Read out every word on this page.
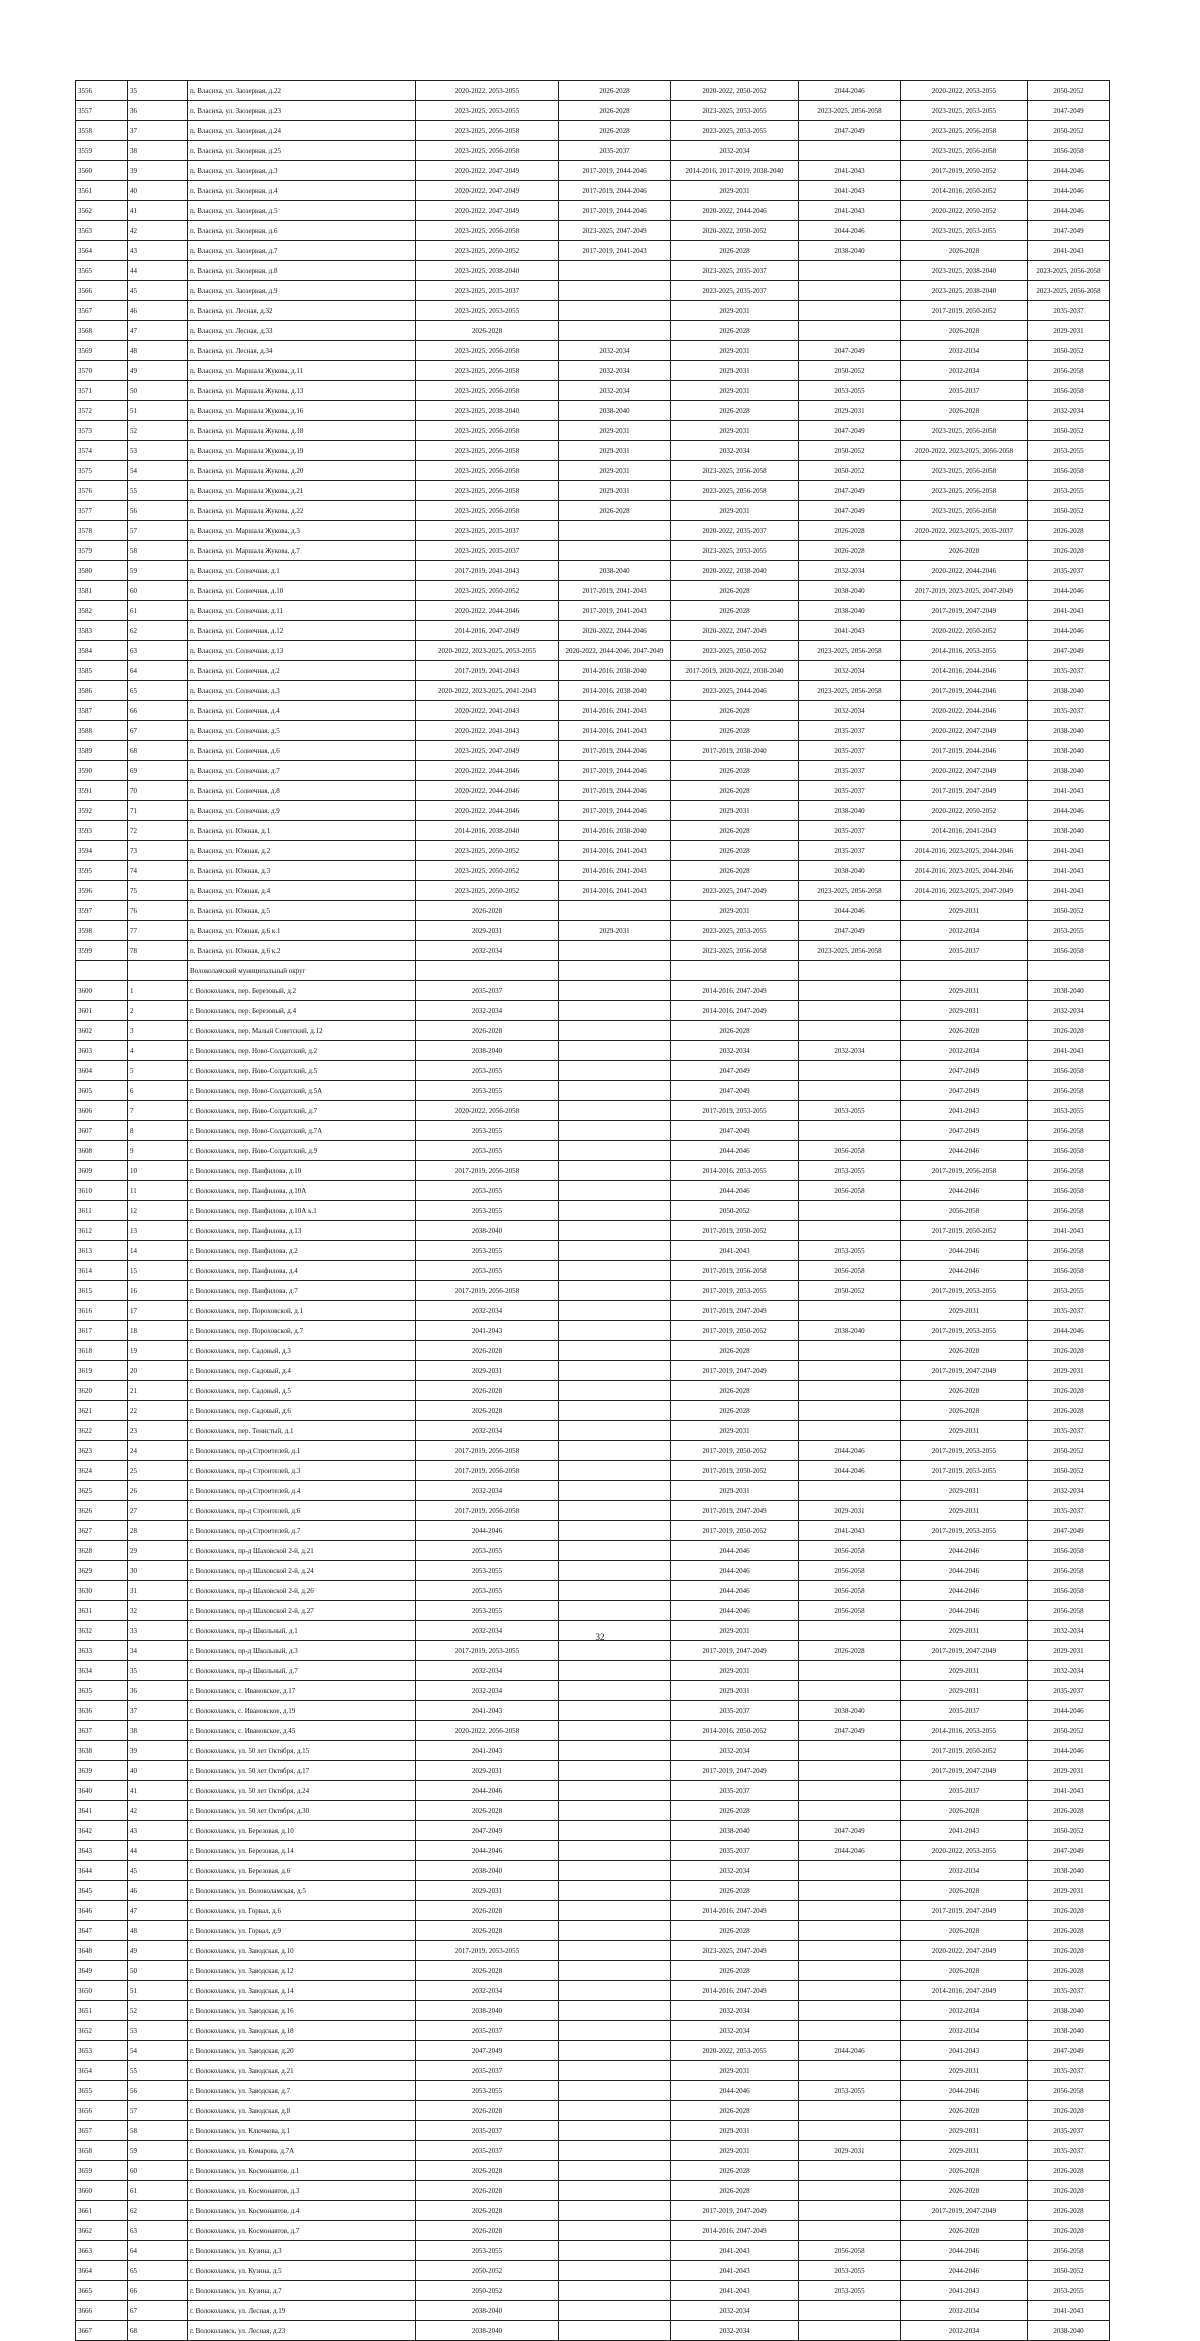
3556	35	п. Власиха, ул. Заозерная, д.22	2020-2022, 2053-2055	2026-2028	2020-2022, 2050-2052	2044-2046	2020-2022, 2053-2055	2050-2052
3557	36	п. Власиха, ул. Заозерная, д.23	2023-2025, 2053-2055	2026-2028	2023-2025, 2053-2055	2023-2025, 2056-2058	2023-2025, 2053-2055	2047-2049
3558	37	п. Власиха, ул. Заозерная, д.24	2023-2025, 2056-2058	2026-2028	2023-2025, 2053-2055	2047-2049	2023-2025, 2056-2058	2050-2052
3559	38	п. Власиха, ул. Заозерная, д.25	2023-2025, 2056-2058	2035-2037	2032-2034		2023-2025, 2056-2058	2056-2058
3560	39	п. Власиха, ул. Заозерная, д.3	2020-2022, 2047-2049	2017-2019, 2044-2046	2014-2016, 2017-2019, 2038-2040	2041-2043	2017-2019, 2050-2052	2044-2046
3561	40	п. Власиха, ул. Заозерная, д.4	2020-2022, 2047-2049	2017-2019, 2044-2046	2029-2031	2041-2043	2014-2016, 2050-2052	2044-2046
3562	41	п. Власиха, ул. Заозерная, д.5	2020-2022, 2047-2049	2017-2019, 2044-2046	2020-2022, 2044-2046	2041-2043	2020-2022, 2050-2052	2044-2046
3563	42	п. Власиха, ул. Заозерная, д.6	2023-2025, 2056-2058	2023-2025, 2047-2049	2020-2022, 2050-2052	2044-2046	2023-2025, 2053-2055	2047-2049
3564	43	п. Власиха, ул. Заозерная, д.7	2023-2025, 2050-2052	2017-2019, 2041-2043	2026-2028	2038-2040	2026-2028	2041-2043
3565	44	п. Власиха, ул. Заозерная, д.8	2023-2025, 2038-2040		2023-2025, 2035-2037		2023-2025, 2038-2040	2023-2025, 2056-2058
3566	45	п. Власиха, ул. Заозерная, д.9	2023-2025, 2035-2037		2023-2025, 2035-2037		2023-2025, 2038-2040	2023-2025, 2056-2058
3567	46	п. Власиха, ул. Лесная, д.32	2023-2025, 2053-2055		2029-2031		2017-2019, 2050-2052	2035-2037
3568	47	п. Власиха, ул. Лесная, д.33	2026-2028		2026-2028		2026-2028	2029-2031
3569	48	п. Власиха, ул. Лесная, д.34	2023-2025, 2056-2058	2032-2034	2029-2031	2047-2049	2032-2034	2050-2052
3570	49	п. Власиха, ул. Маршала Жукова, д.11	2023-2025, 2056-2058	2032-2034	2029-2031	2050-2052	2032-2034	2056-2058
3571	50	п. Власиха, ул. Маршала Жукова, д.13	2023-2025, 2056-2058	2032-2034	2029-2031	2053-2055	2035-2037	2056-2058
3572	51	п. Власиха, ул. Маршала Жукова, д.16	2023-2025, 2038-2040	2038-2040	2026-2028	2029-2031	2026-2028	2032-2034
3573	52	п. Власиха, ул. Маршала Жукова, д.18	2023-2025, 2056-2058	2029-2031	2029-2031	2047-2049	2023-2025, 2056-2058	2050-2052
3574	53	п. Власиха, ул. Маршала Жукова, д.19	2023-2025, 2056-2058	2029-2031	2032-2034	2050-2052	2020-2022, 2023-2025, 2056-2058	2053-2055
3575	54	п. Власиха, ул. Маршала Жукова, д.20	2023-2025, 2056-2058	2029-2031	2023-2025, 2056-2058	2050-2052	2023-2025, 2056-2058	2056-2058
3576	55	п. Власиха, ул. Маршала Жукова, д.21	2023-2025, 2056-2058	2029-2031	2023-2025, 2056-2058	2047-2049	2023-2025, 2056-2058	2053-2055
3577	56	п. Власиха, ул. Маршала Жукова, д.22	2023-2025, 2056-2058	2026-2028	2029-2031	2047-2049	2023-2025, 2056-2058	2050-2052
3578	57	п. Власиха, ул. Маршала Жукова, д.3	2023-2025, 2035-2037		2020-2022, 2035-2037	2026-2028	2020-2022, 2023-2025, 2035-2037	2026-2028
3579	58	п. Власиха, ул. Маршала Жукова, д.7	2023-2025, 2035-2037		2023-2025, 2053-2055	2026-2028	2026-2028	2026-2028
3580	59	п. Власиха, ул. Солнечная, д.1	2017-2019, 2041-2043	2038-2040	2020-2022, 2038-2040	2032-2034	2020-2022, 2044-2046	2035-2037
3581	60	п. Власиха, ул. Солнечная, д.10	2023-2025, 2050-2052	2017-2019, 2041-2043	2026-2028	2038-2040	2017-2019, 2023-2025, 2047-2049	2044-2046
3582	61	п. Власиха, ул. Солнечная, д.11	2020-2022, 2044-2046	2017-2019, 2041-2043	2026-2028	2038-2040	2017-2019, 2047-2049	2041-2043
3583	62	п. Власиха, ул. Солнечная, д.12	2014-2016, 2047-2049	2020-2022, 2044-2046	2020-2022, 2047-2049	2041-2043	2020-2022, 2050-2052	2044-2046
3584	63	п. Власиха, ул. Солнечная, д.13	2020-2022, 2023-2025, 2053-2055	2020-2022, 2044-2046, 2047-2049	2023-2025, 2050-2052	2023-2025, 2056-2058	2014-2016, 2053-2055	2047-2049
3585	64	п. Власиха, ул. Солнечная, д.2	2017-2019, 2041-2043	2014-2016, 2038-2040	2017-2019, 2020-2022, 2038-2040	2032-2034	2014-2016, 2044-2046	2035-2037
3586	65	п. Власиха, ул. Солнечная, д.3	2020-2022, 2023-2025, 2041-2043	2014-2016, 2038-2040	2023-2025, 2044-2046	2023-2025, 2056-2058	2017-2019, 2044-2046	2038-2040
3587	66	п. Власиха, ул. Солнечная, д.4	2020-2022, 2041-2043	2014-2016, 2041-2043	2026-2028	2032-2034	2020-2022, 2044-2046	2035-2037
3588	67	п. Власиха, ул. Солнечная, д.5	2020-2022, 2041-2043	2014-2016, 2041-2043	2026-2028	2035-2037	2020-2022, 2047-2049	2038-2040
3589	68	п. Власиха, ул. Солнечная, д.6	2023-2025, 2047-2049	2017-2019, 2044-2046	2017-2019, 2038-2040	2035-2037	2017-2019, 2044-2046	2038-2040
3590	69	п. Власиха, ул. Солнечная, д.7	2020-2022, 2044-2046	2017-2019, 2044-2046	2026-2028	2035-2037	2020-2022, 2047-2049	2038-2040
3591	70	п. Власиха, ул. Солнечная, д.8	2020-2022, 2044-2046	2017-2019, 2044-2046	2026-2028	2035-2037	2017-2019, 2047-2049	2041-2043
3592	71	п. Власиха, ул. Солнечная, д.9	2020-2022, 2044-2046	2017-2019, 2044-2046	2029-2031	2038-2040	2020-2022, 2050-2052	2044-2046
3593	72	п. Власиха, ул. Южная, д.1	2014-2016, 2038-2040	2014-2016, 2038-2040	2026-2028	2035-2037	2014-2016, 2041-2043	2038-2040
3594	73	п. Власиха, ул. Южная, д.2	2023-2025, 2050-2052	2014-2016, 2041-2043	2026-2028	2035-2037	2014-2016, 2023-2025, 2044-2046	2041-2043
3595	74	п. Власиха, ул. Южная, д.3	2023-2025, 2050-2052	2014-2016, 2041-2043	2026-2028	2038-2040	2014-2016, 2023-2025, 2044-2046	2041-2043
3596	75	п. Власиха, ул. Южная, д.4	2023-2025, 2050-2052	2014-2016, 2041-2043	2023-2025, 2047-2049	2023-2025, 2056-2058	2014-2016, 2023-2025, 2047-2049	2041-2043
3597	76	п. Власиха, ул. Южная, д.5	2026-2028		2029-2031	2044-2046	2029-2031	2050-2052
3598	77	п. Власиха, ул. Южная, д.6 к.1	2029-2031	2029-2031	2023-2025, 2053-2055	2047-2049	2032-2034	2053-2055
3599	78	п. Власиха, ул. Южная, д.6 к.2	2032-2034		2023-2025, 2056-2058	2023-2025, 2056-2058	2035-2037	2056-2058
		Волоколамский муниципальный округ						
3600	1	г. Волоколамск, пер. Березовый, д.2	2035-2037		2014-2016, 2047-2049		2029-2031	2038-2040
3601	2	г. Волоколамск, пер. Березовый, д.4	2032-2034		2014-2016, 2047-2049		2029-2031	2032-2034
3602	3	г. Волоколамск, пер. Малый Советский, д.12	2026-2028		2026-2028		2026-2028	2026-2028
3603	4	г. Волоколамск, пер. Ново-Солдатский, д.2	2038-2040		2032-2034	2032-2034	2032-2034	2041-2043
3604	5	г. Волоколамск, пер. Ново-Солдатский, д.5	2053-2055		2047-2049		2047-2049	2056-2058
3605	6	г. Волоколамск, пер. Ново-Солдатский, д.5А	2053-2055		2047-2049		2047-2049	2056-2058
3606	7	г. Волоколамск, пер. Ново-Солдатский, д.7	2020-2022, 2056-2058		2017-2019, 2053-2055	2053-2055	2041-2043	2053-2055
3607	8	г. Волоколамск, пер. Ново-Солдатский, д.7А	2053-2055		2047-2049		2047-2049	2056-2058
3608	9	г. Волоколамск, пер. Ново-Солдатский, д.9	2053-2055		2044-2046	2056-2058	2044-2046	2056-2058
3609	10	г. Волоколамск, пер. Панфилова, д.10	2017-2019, 2056-2058		2014-2016, 2053-2055	2053-2055	2017-2019, 2056-2058	2056-2058
3610	11	г. Волоколамск, пер. Панфилова, д.10А	2053-2055		2044-2046	2056-2058	2044-2046	2056-2058
3611	12	г. Волоколамск, пер. Панфилова, д.10А к.1	2053-2055		2050-2052		2056-2058	2056-2058
3612	13	г. Волоколамск, пер. Панфилова, д.13	2038-2040		2017-2019, 2050-2052		2017-2019, 2050-2052	2041-2043
3613	14	г. Волоколамск, пер. Панфилова, д.2	2053-2055		2041-2043	2053-2055	2044-2046	2056-2058
3614	15	г. Волоколамск, пер. Панфилова, д.4	2053-2055		2017-2019, 2056-2058	2056-2058	2044-2046	2056-2058
3615	16	г. Волоколамск, пер. Панфилова, д.7	2017-2019, 2056-2058		2017-2019, 2053-2055	2050-2052	2017-2019, 2053-2055	2053-2055
3616	17	г. Волоколамск, пер. Пороховской, д.1	2032-2034		2017-2019, 2047-2049		2029-2031	2035-2037
3617	18	г. Волоколамск, пер. Пороховской, д.7	2041-2043		2017-2019, 2050-2052	2038-2040	2017-2019, 2053-2055	2044-2046
3618	19	г. Волоколамск, пер. Садовый, д.3	2026-2028		2026-2028		2026-2028	2026-2028
3619	20	г. Волоколамск, пер. Садовый, д.4	2029-2031		2017-2019, 2047-2049		2017-2019, 2047-2049	2029-2031
3620	21	г. Волоколамск, пер. Садовый, д.5	2026-2028		2026-2028		2026-2028	2026-2028
3621	22	г. Волоколамск, пер. Садовый, д.6	2026-2028		2026-2028		2026-2028	2026-2028
3622	23	г. Волоколамск, пер. Тенистый, д.1	2032-2034		2029-2031		2029-2031	2035-2037
3623	24	г. Волоколамск, пр-д Строителей, д.1	2017-2019, 2056-2058		2017-2019, 2050-2052	2044-2046	2017-2019, 2053-2055	2050-2052
3624	25	г. Волоколамск, пр-д Строителей, д.3	2017-2019, 2056-2058		2017-2019, 2050-2052	2044-2046	2017-2019, 2053-2055	2050-2052
3625	26	г. Волоколамск, пр-д Строителей, д.4	2032-2034		2029-2031		2029-2031	2032-2034
3626	27	г. Волоколамск, пр-д Строителей, д.6	2017-2019, 2056-2058		2017-2019, 2047-2049	2029-2031	2029-2031	2035-2037
3627	28	г. Волоколамск, пр-д Строителей, д.7	2044-2046		2017-2019, 2050-2052	2041-2043	2017-2019, 2053-2055	2047-2049
3628	29	г. Волоколамск, пр-д Шаховской 2-й, д.21	2053-2055		2044-2046	2056-2058	2044-2046	2056-2058
3629	30	г. Волоколамск, пр-д Шаховской 2-й, д.24	2053-2055		2044-2046	2056-2058	2044-2046	2056-2058
3630	31	г. Волоколамск, пр-д Шаховской 2-й, д.26	2053-2055		2044-2046	2056-2058	2044-2046	2056-2058
3631	32	г. Волоколамск, пр-д Шаховской 2-й, д.27	2053-2055		2044-2046	2056-2058	2044-2046	2056-2058
3632	33	г. Волоколамск, пр-д Школьный, д.1	2032-2034		2029-2031		2029-2031	2032-2034
3633	34	г. Волоколамск, пр-д Школьный, д.3	2017-2019, 2053-2055		2017-2019, 2047-2049	2026-2028	2017-2019, 2047-2049	2029-2031
3634	35	г. Волоколамск, пр-д Школьный, д.7	2032-2034		2029-2031		2029-2031	2032-2034
3635	36	г. Волоколамск, с. Ивановское, д.17	2032-2034		2029-2031		2029-2031	2035-2037
3636	37	г. Волоколамск, с. Ивановское, д.19	2041-2043		2035-2037	2038-2040	2035-2037	2044-2046
3637	38	г. Волоколамск, с. Ивановское, д.45	2020-2022, 2056-2058		2014-2016, 2050-2052	2047-2049	2014-2016, 2053-2055	2050-2052
3638	39	г. Волоколамск, ул. 50 лет Октября, д.15	2041-2043		2032-2034		2017-2019, 2050-2052	2044-2046
3639	40	г. Волоколамск, ул. 50 лет Октября, д.17	2029-2031		2017-2019, 2047-2049		2017-2019, 2047-2049	2029-2031
3640	41	г. Волоколамск, ул. 50 лет Октября, д.24	2044-2046		2035-2037		2035-2037	2041-2043
3641	42	г. Волоколамск, ул. 50 лет Октября, д.30	2026-2028		2026-2028		2026-2028	2026-2028
3642	43	г. Волоколамск, ул. Березовая, д.10	2047-2049		2038-2040	2047-2049	2041-2043	2050-2052
3643	44	г. Волоколамск, ул. Березовая, д.14	2044-2046		2035-2037	2044-2046	2020-2022, 2053-2055	2047-2049
3644	45	г. Волоколамск, ул. Березовая, д.6	2038-2040		2032-2034		2032-2034	2038-2040
3645	46	г. Волоколамск, ул. Волоколамская, д.5	2029-2031		2026-2028		2026-2028	2029-2031
3646	47	г. Волоколамск, ул. Горвал, д.6	2026-2028		2014-2016, 2047-2049		2017-2019, 2047-2049	2026-2028
3647	48	г. Волоколамск, ул. Горвал, д.9	2026-2028		2026-2028		2026-2028	2026-2028
3648	49	г. Волоколамск, ул. Заводская, д.10	2017-2019, 2053-2055		2023-2025, 2047-2049		2020-2022, 2047-2049	2026-2028
3649	50	г. Волоколамск, ул. Заводская, д.12	2026-2028		2026-2028		2026-2028	2026-2028
3650	51	г. Волоколамск, ул. Заводская, д.14	2032-2034		2014-2016, 2047-2049		2014-2016, 2047-2049	2035-2037
3651	52	г. Волоколамск, ул. Заводская, д.16	2038-2040		2032-2034		2032-2034	2038-2040
3652	53	г. Волоколамск, ул. Заводская, д.18	2035-2037		2032-2034		2032-2034	2038-2040
3653	54	г. Волоколамск, ул. Заводская, д.20	2047-2049		2020-2022, 2053-2055	2044-2046	2041-2043	2047-2049
3654	55	г. Волоколамск, ул. Заводская, д.21	2035-2037		2029-2031		2029-2031	2035-2037
3655	56	г. Волоколамск, ул. Заводская, д.7	2053-2055		2044-2046	2053-2055	2044-2046	2056-2058
3656	57	г. Волоколамск, ул. Заводская, д.8	2026-2028		2026-2028		2026-2028	2026-2028
3657	58	г. Волоколамск, ул. Ключкова, д.1	2035-2037		2029-2031		2029-2031	2035-2037
3658	59	г. Волоколамск, ул. Комарова, д.7А	2035-2037		2029-2031	2029-2031	2029-2031	2035-2037
3659	60	г. Волоколамск, ул. Космонавтов, д.1	2026-2028		2026-2028		2026-2028	2026-2028
3660	61	г. Волоколамск, ул. Космонавтов, д.3	2026-2028		2026-2028		2026-2028	2026-2028
3661	62	г. Волоколамск, ул. Космонавтов, д.4	2026-2028		2017-2019, 2047-2049		2017-2019, 2047-2049	2026-2028
3662	63	г. Волоколамск, ул. Космонавтов, д.7	2026-2028		2014-2016, 2047-2049		2026-2028	2026-2028
3663	64	г. Волоколамск, ул. Кузина, д.3	2053-2055		2041-2043	2056-2058	2044-2046	2056-2058
3664	65	г. Волоколамск, ул. Кузина, д.5	2050-2052		2041-2043	2053-2055	2044-2046	2050-2052
3665	66	г. Волоколамск, ул. Кузина, д.7	2050-2052		2041-2043	2053-2055	2041-2043	2053-2055
3666	67	г. Волоколамск, ул. Лесная, д.19	2038-2040		2032-2034		2032-2034	2041-2043
3667	68	г. Волоколамск, ул. Лесная, д.23	2038-2040		2032-2034		2032-2034	2038-2040
32
